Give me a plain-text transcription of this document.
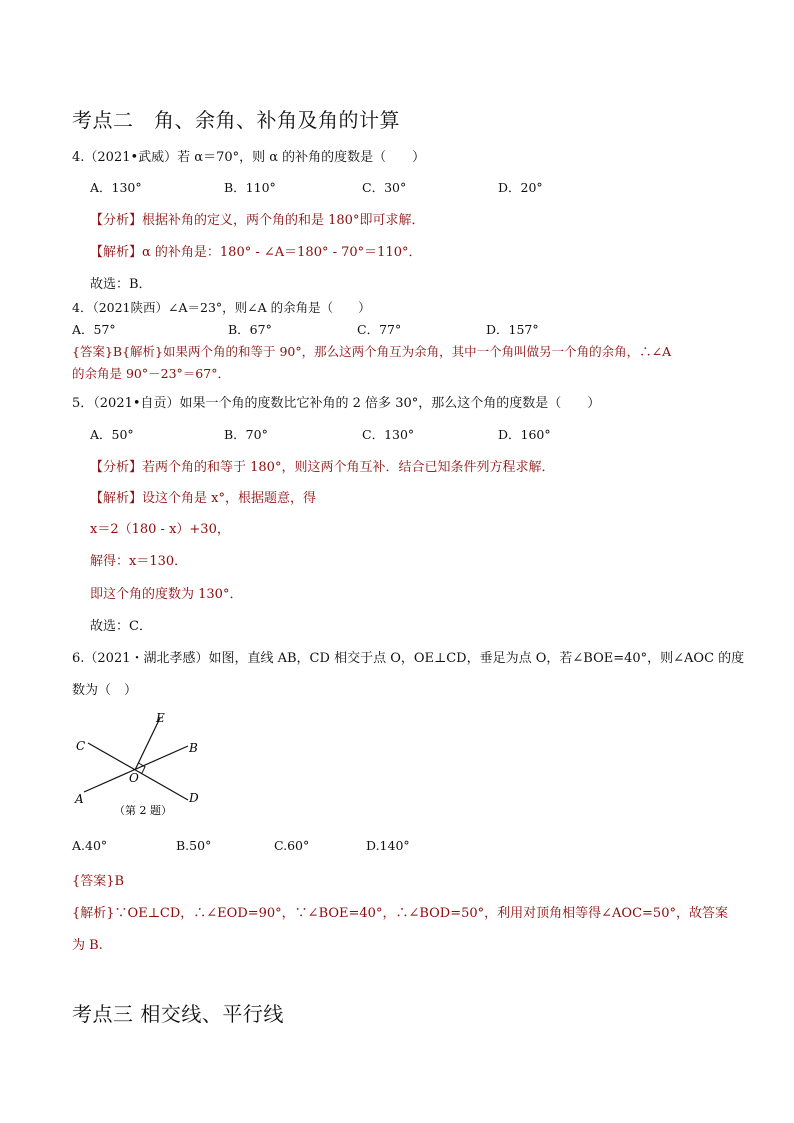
考点二　角、余角、补角及角的计算
4.（2021•武威）若 α＝70°，则 α 的补角的度数是（　　）
A．130°	B．110°	C．30°	D．20°
【分析】根据补角的定义，两个角的和是 180°即可求解．
【解析】α 的补角是：180° - ∠A＝180° - 70°＝110°．
故选：B．
4．（2021陕西）∠A＝23°，则∠A 的余角是（　　）
A．57°	B．67°	C．77°	D．157°
{答案}B{解析}如果两个角的和等于 90°，那么这两个角互为余角，其中一个角叫做另一个角的余角，∴∠A
的余角是 90°－23°＝67°．
5．（2021•自贡）如果一个角的度数比它补角的 2 倍多 30°，那么这个角的度数是（　　）
A．50°	B．70°	C．130°	D．160°
【分析】若两个角的和等于 180°，则这两个角互补．结合已知条件列方程求解．
【解析】设这个角是 x°，根据题意，得
x＝2（180 - x）+30，
解得：x＝130．
即这个角的度数为 130°．
故选：C．
6.（2021・湖北孝感）如图，直线 AB，CD 相交于点 O，OE⊥CD，垂足为点 O，若∠BOE=40°，则∠AOC 的度
数为（　）
E
C	B
O
A	D
（第 2 题）
A.40°	B.50°	C.60°	D.140°
{答案}B
{解析}∵OE⊥CD，∴∠EOD=90°，∵∠BOE=40°，∴∠BOD=50°，利用对顶角相等得∠AOC=50°，故答案
为 B.
考点三 相交线、平行线
